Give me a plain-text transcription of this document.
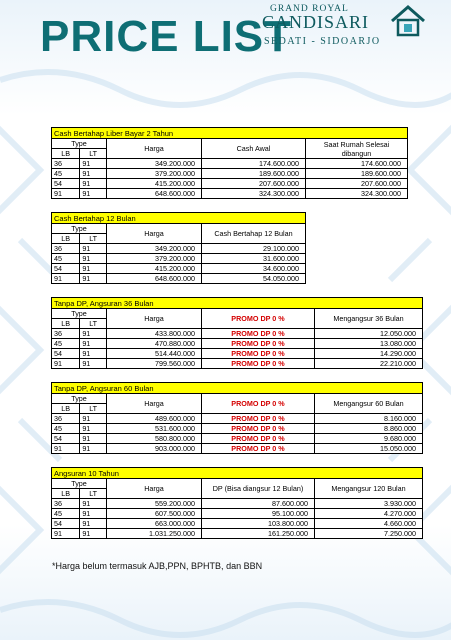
PRICE LIST
GRAND ROYAL
CANDISARI
SEDATI - SIDOARJO
Cash Bertahap Liber Bayar 2 Tahun
Type		Harga	Cash Awal	Saat Rumah Selesai dibangun
LB	LT			
36	91	349.200.000	174.600.000	174.600.000
45	91	379.200.000	189.600.000	189.600.000
54	91	415.200.000	207.600.000	207.600.000
91	91	648.600.000	324.300.000	324.300.000
Cash Bertahap 12 Bulan
Type		Harga	Cash Bertahap 12 Bulan
LB	LT		
36	91	349.200.000	29.100.000
45	91	379.200.000	31.600.000
54	91	415.200.000	34.600.000
91	91	648.600.000	54.050.000
Tanpa DP, Angsuran 36 Bulan
Type		Harga	PROMO DP 0 %	Mengangsur 36 Bulan
LB	LT			
36	91	433.800.000	PROMO DP 0 %	12.050.000
45	91	470.880.000	PROMO DP 0 %	13.080.000
54	91	514.440.000	PROMO DP 0 %	14.290.000
91	91	799.560.000	PROMO DP 0 %	22.210.000
Tanpa DP, Angsuran 60 Bulan
Type		Harga	PROMO DP 0 %	Mengangsur 60 Bulan
LB	LT			
36	91	489.600.000	PROMO DP 0 %	8.160.000
45	91	531.600.000	PROMO DP 0 %	8.860.000
54	91	580.800.000	PROMO DP 0 %	9.680.000
91	91	903.000.000	PROMO DP 0 %	15.050.000
Angsuran 10 Tahun
Type		Harga	DP (Bisa diangsur 12 Bulan)	Mengangsur 120 Bulan
LB	LT			
36	91	559.200.000	87.600.000	3.930.000
45	91	607.500.000	95.100.000	4.270.000
54	91	663.000.000	103.800.000	4.660.000
91	91	1.031.250.000	161.250.000	7.250.000
*Harga belum termasuk AJB,PPN, BPHTB, dan BBN
